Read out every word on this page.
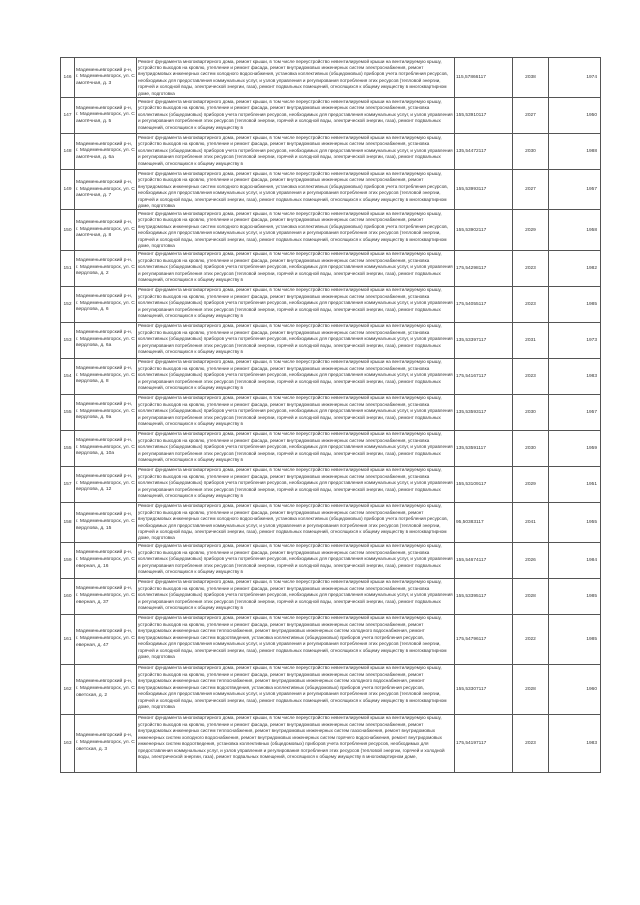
146	Мадеменьевгорский р-н, г. Мадеменьевгорск, ул. Самотёчная, д. 3	Ремонт фундамента многоквартирного дома, ремонт крыши, в том числе переустройство невентилируемой крыши на вентилируемую крышу, устройство выходов на кровлю, утепление и ремонт фасада, ремонт внутридомовых инженерных систем электроснабжения, ремонт внутридомовых инженерных систем холодного водоснабжения, установка коллективных (общедомовых) приборов учета потребления ресурсов, необходимых для предоставления коммунальных услуг, и узлов управления и регулирования потребления этих ресурсов (тепловой энергии, горячей и холодной воды, электрической энергии, газа), ремонт подвальных помещений, относящихся к общему имуществу в многоквартирном доме, подготовка	115,57866117	2038	1974
147	Мадеменьевгорский р-н, г. Мадеменьевгорск, ул. Самотёчная, д. 5	Ремонт фундамента многоквартирного дома, ремонт крыши, в том числе переустройство невентилируемой крыши на вентилируемую крышу, устройство выходов на кровлю, утепление и ремонт фасада, ремонт внутридомовых инженерных систем электроснабжения, установка коллективных (общедомовых) приборов учета потребления ресурсов, необходимых для предоставления коммунальных услуг, и узлов управления и регулирования потребления этих ресурсов (тепловой энергии, горячей и холодной воды, электрической энергии, газа), ремонт подвальных помещений, относящихся к общему имуществу в	155,53910117	2027	1950
148	Мадеменьевгорский р-н, г. Мадеменьевгорск, ул. Самотёчная, д. 6а	Ремонт фундамента многоквартирного дома, ремонт крыши, в том числе переустройство невентилируемой крыши на вентилируемую крышу, устройство выходов на кровлю, утепление и ремонт фасада, ремонт внутридомовых инженерных систем электроснабжения, установка коллективных (общедомовых) приборов учета потребления ресурсов, необходимых для предоставления коммунальных услуг, и узлов управления и регулирования потребления этих ресурсов (тепловой энергии, горячей и холодной воды, электрической энергии, газа), ремонт подвальных помещений, относящихся к общему имуществу в	135,54472117	2030	1988
149	Мадеменьевгорский р-н, г. Мадеменьевгорск, ул. Самотёчная, д. 7	Ремонт фундамента многоквартирного дома, ремонт крыши, в том числе переустройство невентилируемой крыши на вентилируемую крышу, устройство выходов на кровлю, утепление и ремонт фасада, ремонт внутридомовых инженерных систем электроснабжения, ремонт внутридомовых инженерных систем холодного водоснабжения, установка коллективных (общедомовых) приборов учета потребления ресурсов, необходимых для предоставления коммунальных услуг, и узлов управления и регулирования потребления этих ресурсов (тепловой энергии, горячей и холодной воды, электрической энергии, газа), ремонт подвальных помещений, относящихся к общему имуществу в многоквартирном доме, подготовка	155,53993117	2027	1957
150	Мадеменьевгорский р-н, г. Мадеменьевгорск, ул. Самотёчная, д. 8	Ремонт фундамента многоквартирного дома, ремонт крыши, в том числе переустройство невентилируемой крыши на вентилируемую крышу, устройство выходов на кровлю, утепление и ремонт фасада, ремонт внутридомовых инженерных систем электроснабжения, ремонт внутридомовых инженерных систем холодного водоснабжения, установка коллективных (общедомовых) приборов учета потребления ресурсов, необходимых для предоставления коммунальных услуг, и узлов управления и регулирования потребления этих ресурсов (тепловой энергии, горячей и холодной воды, электрической энергии, газа), ремонт подвальных помещений, относящихся к общему имуществу в многоквартирном доме, подготовка	155,53902117	2029	1958
151	Мадеменьевгорский р-н, г. Мадеменьевгорск, ул. Свердлова, д. 2	Ремонт фундамента многоквартирного дома, ремонт крыши, в том числе переустройство невентилируемой крыши на вентилируемую крышу, устройство выходов на кровлю, утепление и ремонт фасада, ремонт внутридомовых инженерных систем электроснабжения, установка коллективных (общедомовых) приборов учета потребления ресурсов, необходимых для предоставления коммунальных услуг, и узлов управления и регулирования потребления этих ресурсов (тепловой энергии, горячей и холодной воды, электрической энергии, газа), ремонт подвальных помещений, относящихся к общему имуществу в	175,54298117	2023	1982
152	Мадеменьевгорский р-н, г. Мадеменьевгорск, ул. Свердлова, д. 6	Ремонт фундамента многоквартирного дома, ремонт крыши, в том числе переустройство невентилируемой крыши на вентилируемую крышу, устройство выходов на кровлю, утепление и ремонт фасада, ремонт внутридомовых инженерных систем электроснабжения, установка коллективных (общедомовых) приборов учета потребления ресурсов, необходимых для предоставления коммунальных услуг, и узлов управления и регулирования потребления этих ресурсов (тепловой энергии, горячей и холодной воды, электрической энергии, газа), ремонт подвальных помещений, относящихся к общему имуществу в	175,54055117	2023	1985
153	Мадеменьевгорский р-н, г. Мадеменьевгорск, ул. Свердлова, д. 6а	Ремонт фундамента многоквартирного дома, ремонт крыши, в том числе переустройство невентилируемой крыши на вентилируемую крышу, устройство выходов на кровлю, утепление и ремонт фасада, ремонт внутридомовых инженерных систем электроснабжения, установка коллективных (общедомовых) приборов учета потребления ресурсов, необходимых для предоставления коммунальных услуг, и узлов управления и регулирования потребления этих ресурсов (тепловой энергии, горячей и холодной воды, электрической энергии, газа), ремонт подвальных помещений, относящихся к общему имуществу в	135,53397117	2031	1973
154	Мадеменьевгорский р-н, г. Мадеменьевгорск, ул. Свердлова, д. 8	Ремонт фундамента многоквартирного дома, ремонт крыши, в том числе переустройство невентилируемой крыши на вентилируемую крышу, устройство выходов на кровлю, утепление и ремонт фасада, ремонт внутридомовых инженерных систем электроснабжения, установка коллективных (общедомовых) приборов учета потребления ресурсов, необходимых для предоставления коммунальных услуг, и узлов управления и регулирования потребления этих ресурсов (тепловой энергии, горячей и холодной воды, электрической энергии, газа), ремонт подвальных помещений, относящихся к общему имуществу в	175,54167117	2023	1983
155	Мадеменьевгорский р-н, г. Мадеменьевгорск, ул. Свердлова, д. 9а	Ремонт фундамента многоквартирного дома, ремонт крыши, в том числе переустройство невентилируемой крыши на вентилируемую крышу, устройство выходов на кровлю, утепление и ремонт фасада, ремонт внутридомовых инженерных систем электроснабжения, установка коллективных (общедомовых) приборов учета потребления ресурсов, необходимых для предоставления коммунальных услуг, и узлов управления и регулирования потребления этих ресурсов (тепловой энергии, горячей и холодной воды, электрической энергии, газа), ремонт подвальных помещений, относящихся к общему имуществу в	135,53593117	2030	1957
155	Мадеменьевгорский р-н, г. Мадеменьевгорск, ул. Свердлова, д. 10а	Ремонт фундамента многоквартирного дома, ремонт крыши, в том числе переустройство невентилируемой крыши на вентилируемую крышу, устройство выходов на кровлю, утепление и ремонт фасада, ремонт внутридомовых инженерных систем электроснабжения, установка коллективных (общедомовых) приборов учета потребления ресурсов, необходимых для предоставления коммунальных услуг, и узлов управления и регулирования потребления этих ресурсов (тепловой энергии, горячей и холодной воды, электрической энергии, газа), ремонт подвальных помещений, относящихся к общему имуществу в	135,53591117	2030	1959
157	Мадеменьевгорский р-н, г. Мадеменьевгорск, ул. Свердлова, д. 12	Ремонт фундамента многоквартирного дома, ремонт крыши, в том числе переустройство невентилируемой крыши на вентилируемую крышу, устройство выходов на кровлю, утепление и ремонт фасада, ремонт внутридомовых инженерных систем электроснабжения, установка коллективных (общедомовых) приборов учета потребления ресурсов, необходимых для предоставления коммунальных услуг, и узлов управления и регулирования потребления этих ресурсов (тепловой энергии, горячей и холодной воды, электрической энергии, газа), ремонт подвальных помещений, относящихся к общему имуществу в	155,53109117	2029	1951
158	Мадеменьевгорский р-н, г. Мадеменьевгорск, ул. Свердлова, д. 15	Ремонт фундамента многоквартирного дома, ремонт крыши, в том числе переустройство невентилируемой крыши на вентилируемую крышу, устройство выходов на кровлю, утепление и ремонт фасада, ремонт внутридомовых инженерных систем электроснабжения, ремонт внутридомовых инженерных систем холодного водоснабжения, установка коллективных (общедомовых) приборов учета потребления ресурсов, необходимых для предоставления коммунальных услуг, и узлов управления и регулирования потребления этих ресурсов (тепловой энергии, горячей и холодной воды, электрической энергии, газа), ремонт подвальных помещений, относящихся к общему имуществу в многоквартирном доме, подготовка	95,50383117	2041	1955
159	Мадеменьевгорский р-н, г. Мадеменьевгорск, ул. Северная, д. 16	Ремонт фундамента многоквартирного дома, ремонт крыши, в том числе переустройство невентилируемой крыши на вентилируемую крышу, устройство выходов на кровлю, утепление и ремонт фасада, ремонт внутридомовых инженерных систем электроснабжения, установка коллективных (общедомовых) приборов учета потребления ресурсов, необходимых для предоставления коммунальных услуг, и узлов управления и регулирования потребления этих ресурсов (тепловой энергии, горячей и холодной воды, электрической энергии, газа), ремонт подвальных помещений, относящихся к общему имуществу в	155,54674117	2026	1984
160	Мадеменьевгорский р-н, г. Мадеменьевгорск, ул. Северная, д. 37	Ремонт фундамента многоквартирного дома, ремонт крыши, в том числе переустройство невентилируемой крыши на вентилируемую крышу, устройство выходов на кровлю, утепление и ремонт фасада, ремонт внутридомовых инженерных систем электроснабжения, установка коллективных (общедомовых) приборов учета потребления ресурсов, необходимых для предоставления коммунальных услуг, и узлов управления и регулирования потребления этих ресурсов (тепловой энергии, горячей и холодной воды, электрической энергии, газа), ремонт подвальных помещений, относящихся к общему имуществу в	155,53395117	2028	1985
161	Мадеменьевгорский р-н, г. Мадеменьевгорск, ул. Северная, д. 47	Ремонт фундамента многоквартирного дома, ремонт крыши, в том числе переустройство невентилируемой крыши на вентилируемую крышу, устройство выходов на кровлю, утепление и ремонт фасада, ремонт внутридомовых инженерных систем электроснабжения, ремонт внутридомовых инженерных систем теплоснабжения, ремонт внутридомовых инженерных систем холодного водоснабжения, ремонт внутридомовых инженерных систем водоотведения, установка коллективных (общедомовых) приборов учета потребления ресурсов, необходимых для предоставления коммунальных услуг, и узлов управления и регулирования потребления этих ресурсов (тепловой энергии, горячей и холодной воды, электрической энергии, газа), ремонт подвальных помещений, относящихся к общему имуществу в многоквартирном доме, подготовка	175,54796117	2022	1985
162	Мадеменьевгорский р-н, г. Мадеменьевгорск, ул. Советская, д. 2	Ремонт фундамента многоквартирного дома, ремонт крыши, в том числе переустройство невентилируемой крыши на вентилируемую крышу, устройство выходов на кровлю, утепление и ремонт фасада, ремонт внутридомовых инженерных систем электроснабжения, ремонт внутридомовых инженерных систем теплоснабжения, ремонт внутридомовых инженерных систем холодного водоснабжения, ремонт внутридомовых инженерных систем водоотведения, установка коллективных (общедомовых) приборов учета потребления ресурсов, необходимых для предоставления коммунальных услуг, и узлов управления и регулирования потребления этих ресурсов (тепловой энергии, горячей и холодной воды, электрической энергии, газа), ремонт подвальных помещений, относящихся к общему имуществу в многоквартирном доме, подготовка	155,53307117	2028	1960
163	Мадеменьевгорский р-н, г. Мадеменьевгорск, ул. Советская, д. 3	Ремонт фундамента многоквартирного дома, ремонт крыши, в том числе переустройство невентилируемой крыши на вентилируемую крышу, устройство выходов на кровлю, утепление и ремонт фасада, ремонт внутридомовых инженерных систем электроснабжения, ремонт внутридомовых инженерных систем теплоснабжения, ремонт внутридомовых инженерных систем газоснабжения, ремонт внутридомовых инженерных систем холодного водоснабжения, ремонт внутридомовых инженерных систем горячего водоснабжения, ремонт внутридомовых инженерных систем водоотведения, установка коллективных (общедомовых) приборов учета потребления ресурсов, необходимых для предоставления коммунальных услуг, и узлов управления и регулирования потребления этих ресурсов (тепловой энергии, горячей и холодной воды, электрической энергии, газа), ремонт подвальных помещений, относящихся к общему имуществу в многоквартирном доме,	175,54197117	2023	1983
